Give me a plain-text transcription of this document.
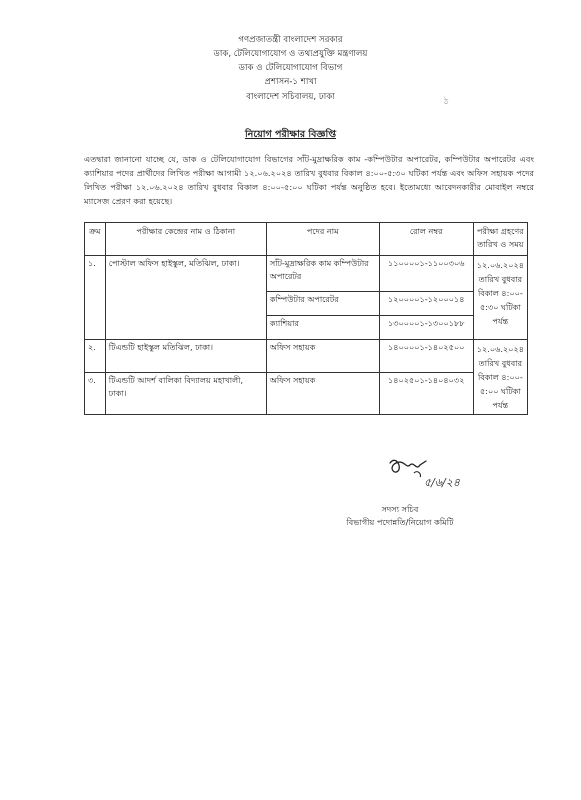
গণপ্রজাতন্ত্রী বাংলাদেশ সরকার
ডাক, টেলিযোগাযোগ ও তথ্যপ্রযুক্তি মন্ত্রণালয়
ডাক ও টেলিযোগাযোগ বিভাগ
প্রশাসন-১ শাখা
বাংলাদেশ সচিবালয়, ঢাকা	ঠ
নিয়োগ পরীক্ষার বিজ্ঞপ্তি
এতদ্বারা জানানো যাচ্ছে যে, ডাক ও টেলিযোগাযোগ বিভাগের সাঁট-মুদ্রাক্ষরিক কাম -কম্পিউটার অপারেটর, কম্পিউটার অপারেটর এবং ক্যাশিয়ার পদের প্রার্থীদের লিখিত পরীক্ষা আগামী ১২.০৬.২০২৪ তারিখ বুধবার বিকাল ৪:০০-৫:৩০ ঘটিকা পর্যন্ত এবং অফিস সহায়ক পদের লিখিত পরীক্ষা ১২.০৬.২০২৪ তারিখ বুধবার বিকাল ৪:০০-৫:০০ ঘটিকা পর্যন্ত অনুষ্ঠিত হবে। ইতোমধ্যে আবেদনকারীর মোবাইল নম্বরে ম্যাসেজ প্রেরণ করা হয়েছে।
ক্রম	পরীক্ষার কেন্দ্রের নাম ও ঠিকানা	পদের নাম	রোল নম্বর	পরীক্ষা গ্রহণের তারিখ ও সময়
১.	পোস্টাল অফিস হাইস্কুল, মতিঝিল, ঢাকা।	সাঁট-মুদ্রাক্ষরিক কাম কম্পিউটার অপারেটর	১১০০০০১-১১০০৩০৬	১২.০৬.২০২৪ তারিখ বুধবার বিকাল ৪:০০- ৫:৩০ ঘটিকা পর্যন্ত
		কম্পিউটার অপারেটর	১২০০০০১-১২০০০১৪	
		ক্যাশিয়ার	১৩০০০০১-১৩০০১৮৮	
২.	টিএন্ডটি হাইস্কুল মতিঝিল, ঢাকা।	অফিস সহায়ক	১৪০০০০১-১৪০২৫০০	১২.০৬.২০২৪ তারিখ বুধবার বিকাল ৪:০০- ৫:০০ ঘটিকা পর্যন্ত
৩.	টিএন্ডটি আদর্শ বালিকা বিদ্যালয় মহাখালী, ঢাকা।	অফিস সহায়ক	১৪০২৫০১-১৪০৪০৩২	
৫/৬/২৪
সদস্য সচিব
বিভাগীয় পদোন্নতি/নিয়োগ কমিটি
